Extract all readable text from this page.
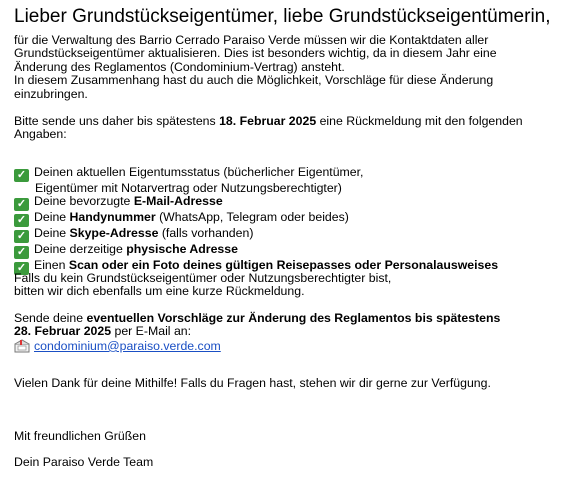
Lieber Grundstückseigentümer, liebe Grundstückseigentümerin,
für die Verwaltung des Barrio Cerrado Paraiso Verde müssen wir die Kontaktdaten aller
Grundstückseigentümer aktualisieren. Dies ist besonders wichtig, da in diesem Jahr eine
Änderung des Reglamentos (Condominium-Vertrag) ansteht.
In diesem Zusammenhang hast du auch die Möglichkeit, Vorschläge für diese Änderung
einzubringen.
Bitte sende uns daher bis spätestens 18. Februar 2025 eine Rückmeldung mit den folgenden
Angaben:
✓ Deinen aktuellen Eigentumsstatus (bücherlicher Eigentümer,
Eigentümer mit Notarvertrag oder Nutzungsberechtigter)
✓ Deine bevorzugte E-Mail-Adresse
✓ Deine Handynummer (WhatsApp, Telegram oder beides)
✓ Deine Skype-Adresse (falls vorhanden)
✓ Deine derzeitige physische Adresse
✓ Einen Scan oder ein Foto deines gültigen Reisepasses oder Personalausweises
Falls du kein Grundstückseigentümer oder Nutzungsberechtigter bist,
bitten wir dich ebenfalls um eine kurze Rückmeldung.
Sende deine eventuellen Vorschläge zur Änderung des Reglamentos bis spätestens
28. Februar 2025 per E-Mail an:
condominium@paraiso.verde.com
Vielen Dank für deine Mithilfe! Falls du Fragen hast, stehen wir dir gerne zur Verfügung.
Mit freundlichen Grüßen
Dein Paraiso Verde Team
